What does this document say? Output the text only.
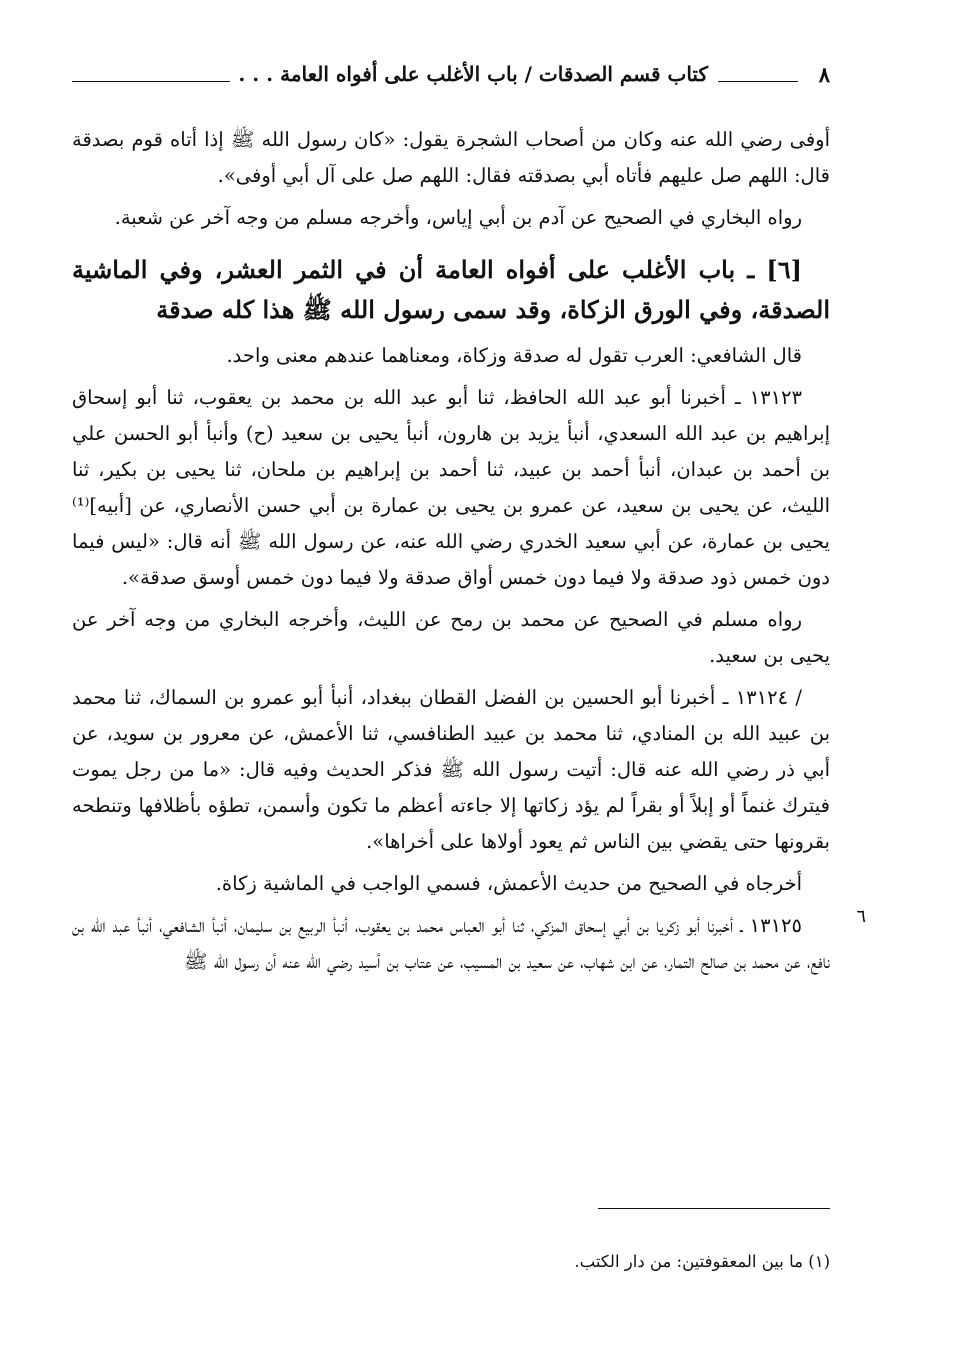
٨
كتاب قسم الصدقات / باب الأغلب على أفواه العامة . . .

أوفى رضي الله عنه وكان من أصحاب الشجرة يقول: «كان رسول الله ﷺ إذا أتاه قوم بصدقة قال: اللهم صل عليهم فأتاه أبي بصدقته فقال: اللهم صل على آل أبي أوفى».

رواه البخاري في الصحيح عن آدم بن أبي إياس، وأخرجه مسلم من وجه آخر عن شعبة.

[٦] ـ باب الأغلب على أفواه العامة أن في الثمر العشر، وفي الماشية الصدقة، وفي الورق الزكاة، وقد سمى رسول الله ﷺ هذا كله صدقة

قال الشافعي: العرب تقول له صدقة وزكاة، ومعناهما عندهم معنى واحد.

١٣١٢٣ ـ أخبرنا أبو عبد الله الحافظ، ثنا أبو عبد الله بن محمد بن يعقوب، ثنا أبو إسحاق إبراهيم بن عبد الله السعدي، أنبأ يزيد بن هارون، أنبأ يحيى بن سعيد (ح) وأنبأ أبو الحسن علي بن أحمد بن عبدان، أنبأ أحمد بن عبيد، ثنا أحمد بن إبراهيم بن ملحان، ثنا يحيى بن بكير، ثنا الليث، عن يحيى بن سعيد، عن عمرو بن يحيى بن عمارة بن أبي حسن الأنصاري، عن [أبيه]⁽¹⁾ يحيى بن عمارة، عن أبي سعيد الخدري رضي الله عنه، عن رسول الله ﷺ أنه قال: «ليس فيما دون خمس ذود صدقة ولا فيما دون خمس أواق صدقة ولا فيما دون خمس أوسق صدقة».

رواه مسلم في الصحيح عن محمد بن رمح عن الليث، وأخرجه البخاري من وجه آخر عن يحيى بن سعيد.

/ ١٣١٢٤ ـ أخبرنا أبو الحسين بن الفضل القطان ببغداد، أنبأ أبو عمرو بن السماك، ثنا محمد بن عبيد الله بن المنادي، ثنا محمد بن عبيد الطنافسي، ثنا الأعمش، عن معرور بن سويد، عن أبي ذر رضي الله عنه قال: أتيت رسول الله ﷺ فذكر الحديث وفيه قال: «ما من رجل يموت فيترك غنماً أو إبلاً أو بقراً لم يؤد زكاتها إلا جاءته أعظم ما تكون وأسمن، تطؤه بأظلافها وتنطحه بقرونها حتى يقضي بين الناس ثم يعود أولاها على أخراها».

أخرجاه في الصحيح من حديث الأعمش، فسمي الواجب في الماشية زكاة.

١٣١٢٥ ـ أخبرنا أبو زكريا بن أبي إسحاق المزكي، ثنا أبو العباس محمد بن يعقوب، أنبأ الربيع بن سليمان، أنبأ الشافعي، أنبأ عبد الله بن نافع، عن محمد بن صالح التمار، عن ابن شهاب، عن سعيد بن المسيب، عن عتاب بن أسيد رضي الله عنه أن رسول الله ﷺ

٦
(١) ما بين المعقوفتين: من دار الكتب.
